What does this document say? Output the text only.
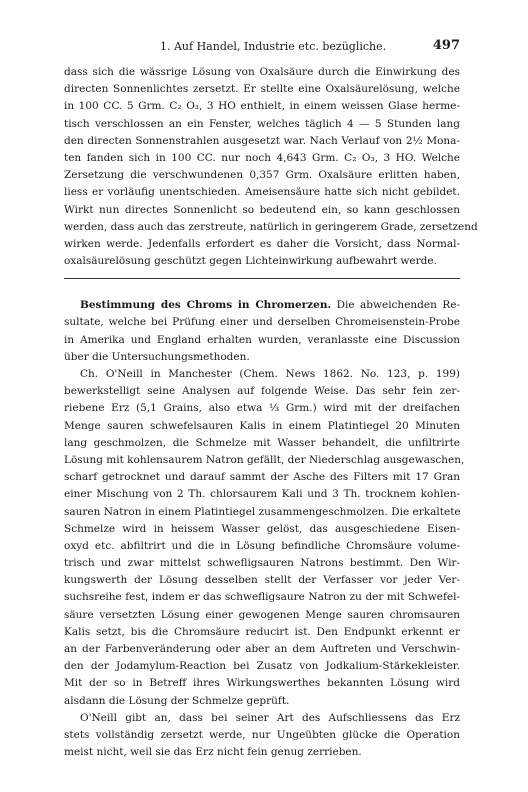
1. Auf Handel, Industrie etc. bezügliche.	497
dass sich die wässrige Lösung von Oxalsäure durch die Einwirkung des
directen Sonnenlichtes zersetzt. Er stellte eine Oxalsäurelösung, welche
in 100 CC. 5 Grm. C₂ O₃, 3 HO enthielt, in einem weissen Glase herme-
tisch verschlossen an ein Fenster, welches täglich 4 — 5 Stunden lang
den directen Sonnenstrahlen ausgesetzt war. Nach Verlauf von 2½ Mona-
ten fanden sich in 100 CC. nur noch 4,643 Grm. C₂ O₃, 3 HO. Welche
Zersetzung die verschwundenen 0,357 Grm. Oxalsäure erlitten haben,
liess er vorläufig unentschieden. Ameisensäure hatte sich nicht gebildet.
Wirkt nun directes Sonnenlicht so bedeutend ein, so kann geschlossen
werden, dass auch das zerstreute, natürlich in geringerem Grade, zersetzend
wirken werde. Jedenfalls erfordert es daher die Vorsicht, dass Normal-
oxalsäurelösung geschützt gegen Lichteinwirkung aufbewahrt werde.
Bestimmung des Chroms in Chromerzen. Die abweichenden Re-
sultate, welche bei Prüfung einer und derselben Chromeisenstein-Probe
in Amerika und England erhalten wurden, veranlasste eine Discussion
über die Untersuchungsmethoden.
Ch. O'Neill in Manchester (Chem. News 1862. No. 123, p. 199)
bewerkstelligt seine Analysen auf folgende Weise. Das sehr fein zer-
riebene Erz (5,1 Grains, also etwa ⅓ Grm.) wird mit der dreifachen
Menge sauren schwefelsauren Kalis in einem Platintiegel 20 Minuten
lang geschmolzen, die Schmelze mit Wasser behandelt, die unfiltrirte
Lösung mit kohlensaurem Natron gefällt, der Niederschlag ausgewaschen,
scharf getrocknet und darauf sammt der Asche des Filters mit 17 Gran
einer Mischung von 2 Th. chlorsaurem Kali und 3 Th. trocknem kohlen-
sauren Natron in einem Platintiegel zusammengeschmolzen. Die erkaltete
Schmelze wird in heissem Wasser gelöst, das ausgeschiedene Eisen-
oxyd etc. abfiltrirt und die in Lösung befindliche Chromsäure volume-
trisch und zwar mittelst schwefligsauren Natrons bestimmt. Den Wir-
kungswerth der Lösung desselben stellt der Verfasser vor jeder Ver-
suchsreihe fest, indem er das schwefligsaure Natron zu der mit Schwefel-
säure versetzten Lösung einer gewogenen Menge sauren chromsauren
Kalis setzt, bis die Chromsäure reducirt ist. Den Endpunkt erkennt er
an der Farbenveränderung oder aber an dem Auftreten und Verschwin-
den der Jodamylum-Reaction bei Zusatz von Jodkalium-Stärkekleister.
Mit der so in Betreff ihres Wirkungswerthes bekannten Lösung wird
alsdann die Lösung der Schmelze geprüft.
O'Neill gibt an, dass bei seiner Art des Aufschliessens das Erz
stets vollständig zersetzt werde, nur Ungeübten glücke die Operation
meist nicht, weil sie das Erz nicht fein genug zerrieben.
